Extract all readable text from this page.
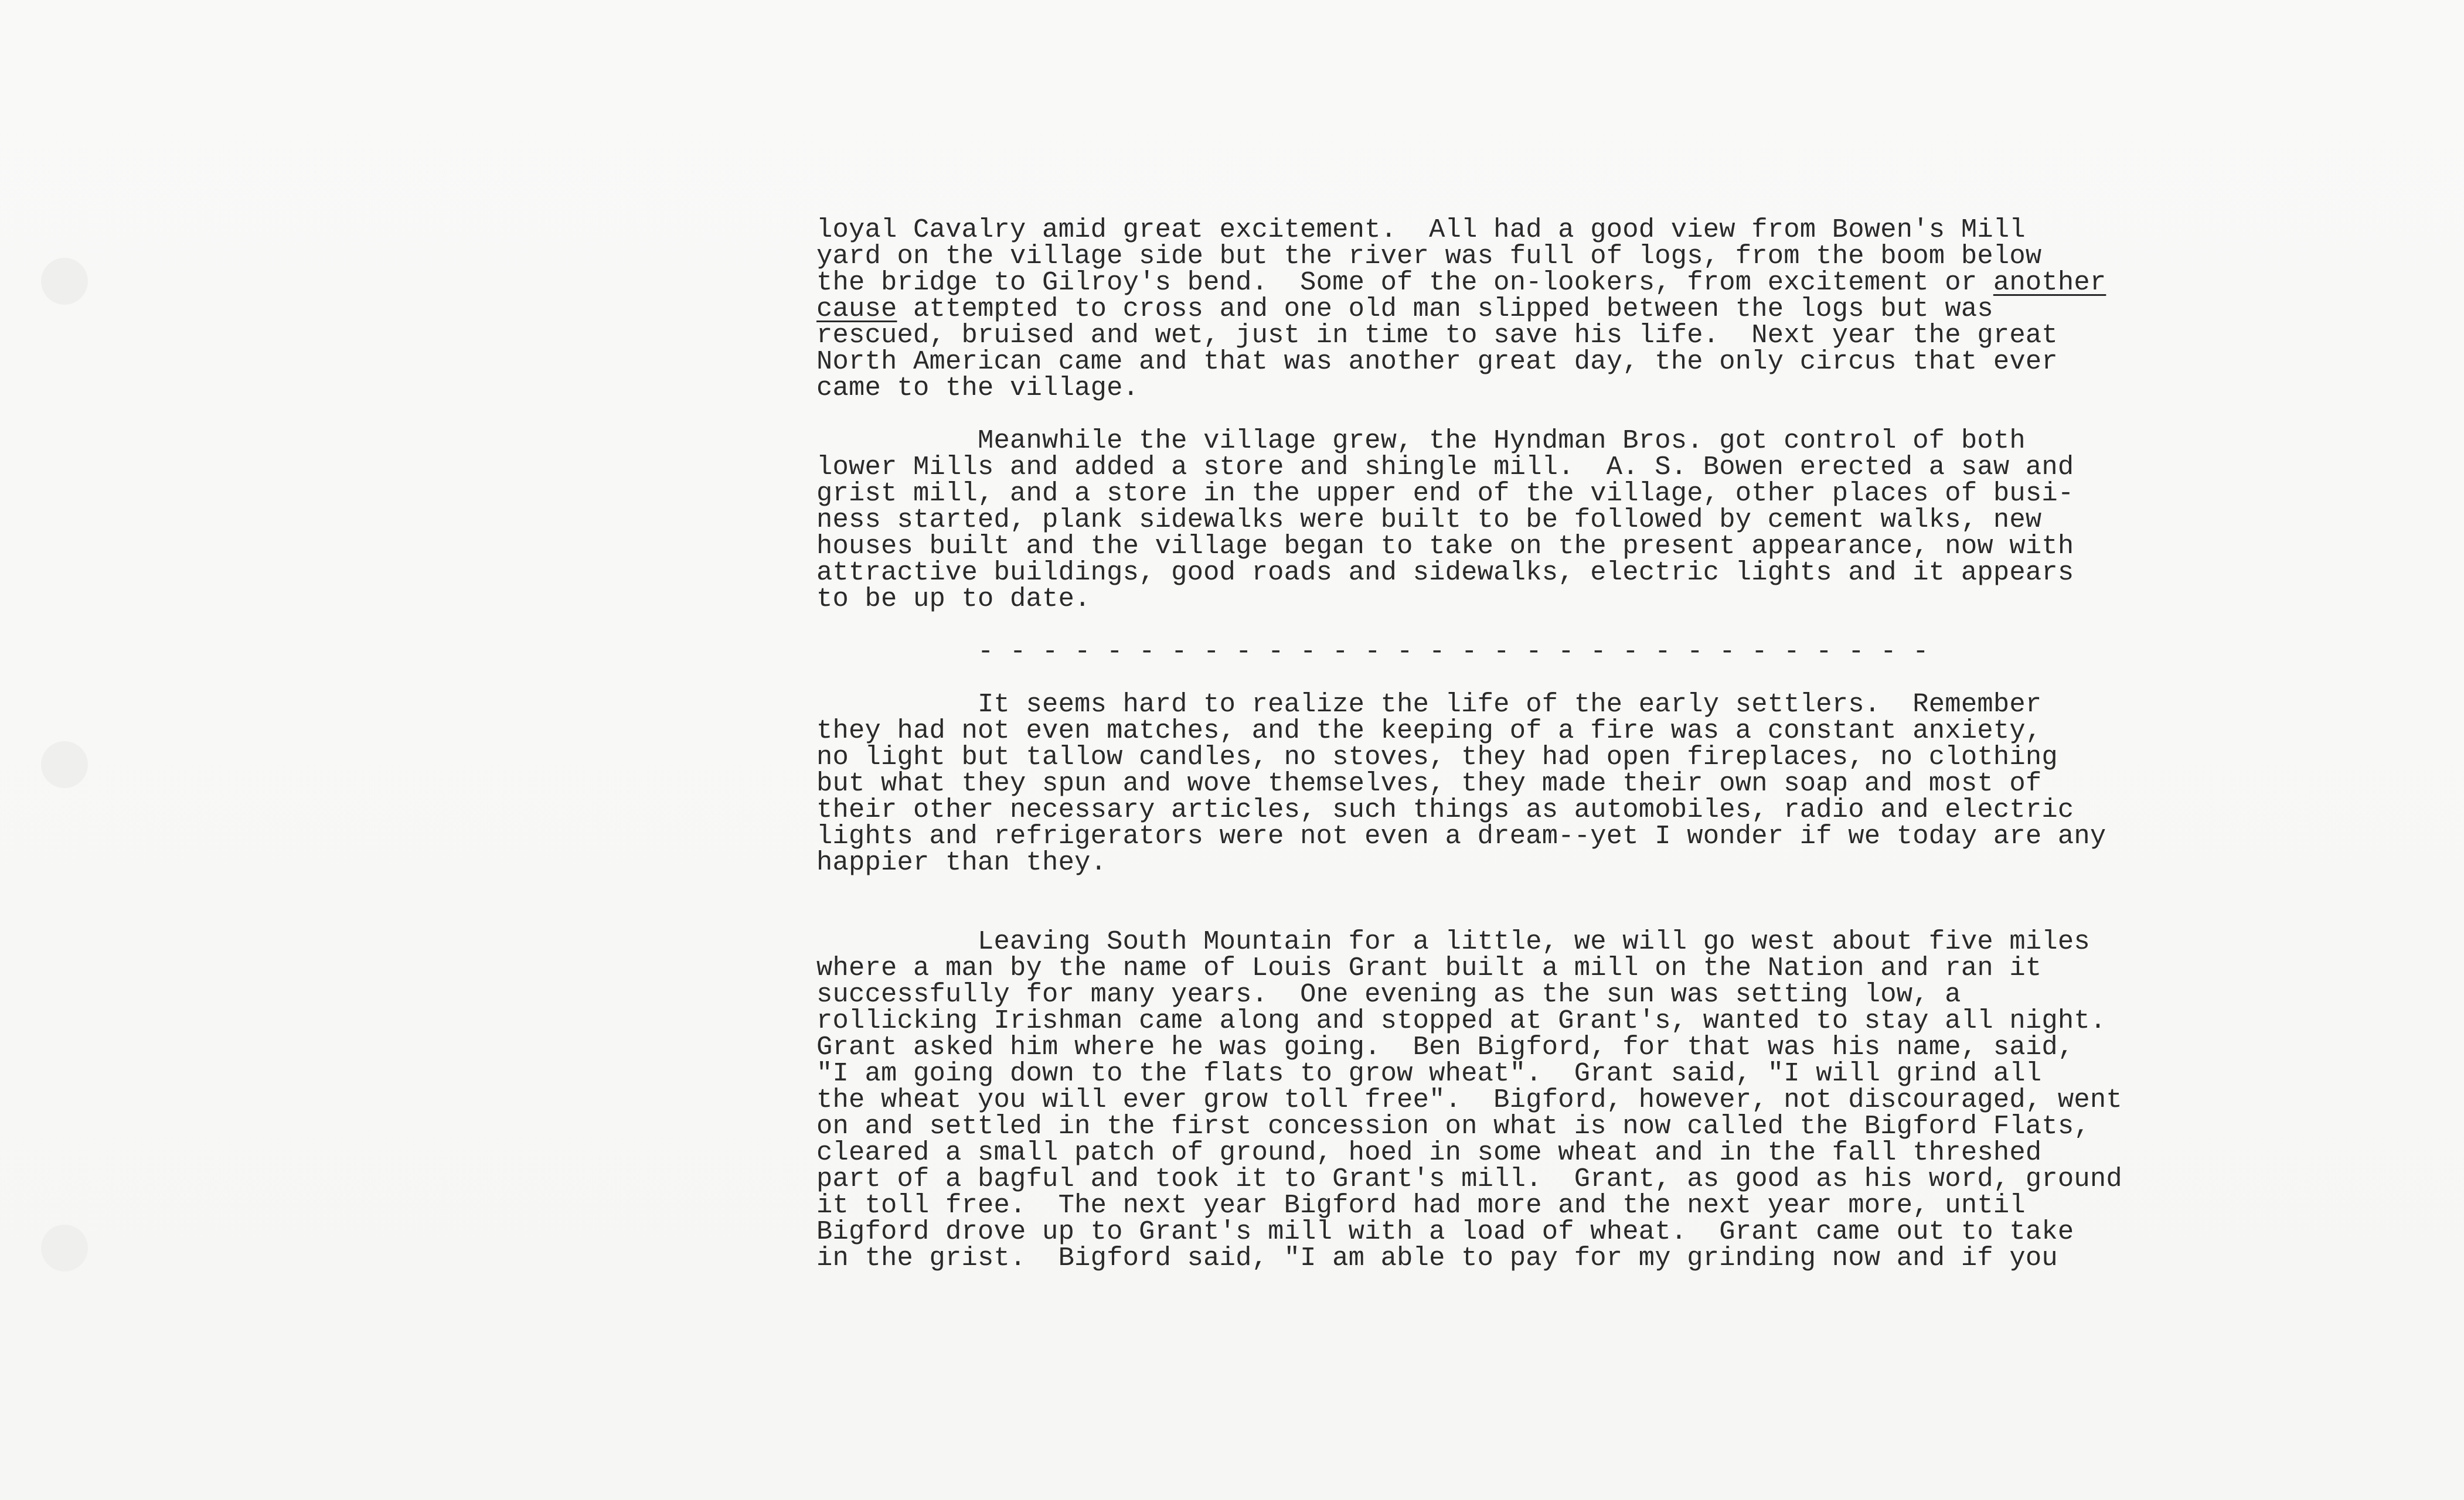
loyal Cavalry amid great excitement.  All had a good view from Bowen's Mill
yard on the village side but the river was full of logs, from the boom below
the bridge to Gilroy's bend.  Some of the on-lookers, from excitement or another
cause attempted to cross and one old man slipped between the logs but was
rescued, bruised and wet, just in time to save his life.  Next year the great
North American came and that was another great day, the only circus that ever
came to the village.
Meanwhile the village grew, the Hyndman Bros. got control of both
lower Mills and added a store and shingle mill.  A. S. Bowen erected a saw and
grist mill, and a store in the upper end of the village, other places of busi-
ness started, plank sidewalks were built to be followed by cement walks, new
houses built and the village began to take on the present appearance, now with
attractive buildings, good roads and sidewalks, electric lights and it appears
to be up to date.
- - - - - - - - - - - - - - - - - - - - - - - - - - - - - -
It seems hard to realize the life of the early settlers.  Remember
they had not even matches, and the keeping of a fire was a constant anxiety,
no light but tallow candles, no stoves, they had open fireplaces, no clothing
but what they spun and wove themselves, they made their own soap and most of
their other necessary articles, such things as automobiles, radio and electric
lights and refrigerators were not even a dream--yet I wonder if we today are any
happier than they.
Leaving South Mountain for a little, we will go west about five miles
where a man by the name of Louis Grant built a mill on the Nation and ran it
successfully for many years.  One evening as the sun was setting low, a
rollicking Irishman came along and stopped at Grant's, wanted to stay all night.
Grant asked him where he was going.  Ben Bigford, for that was his name, said,
"I am going down to the flats to grow wheat".  Grant said, "I will grind all
the wheat you will ever grow toll free".  Bigford, however, not discouraged, went
on and settled in the first concession on what is now called the Bigford Flats,
cleared a small patch of ground, hoed in some wheat and in the fall threshed
part of a bagful and took it to Grant's mill.  Grant, as good as his word, ground
it toll free.  The next year Bigford had more and the next year more, until
Bigford drove up to Grant's mill with a load of wheat.  Grant came out to take
in the grist.  Bigford said, "I am able to pay for my grinding now and if you
